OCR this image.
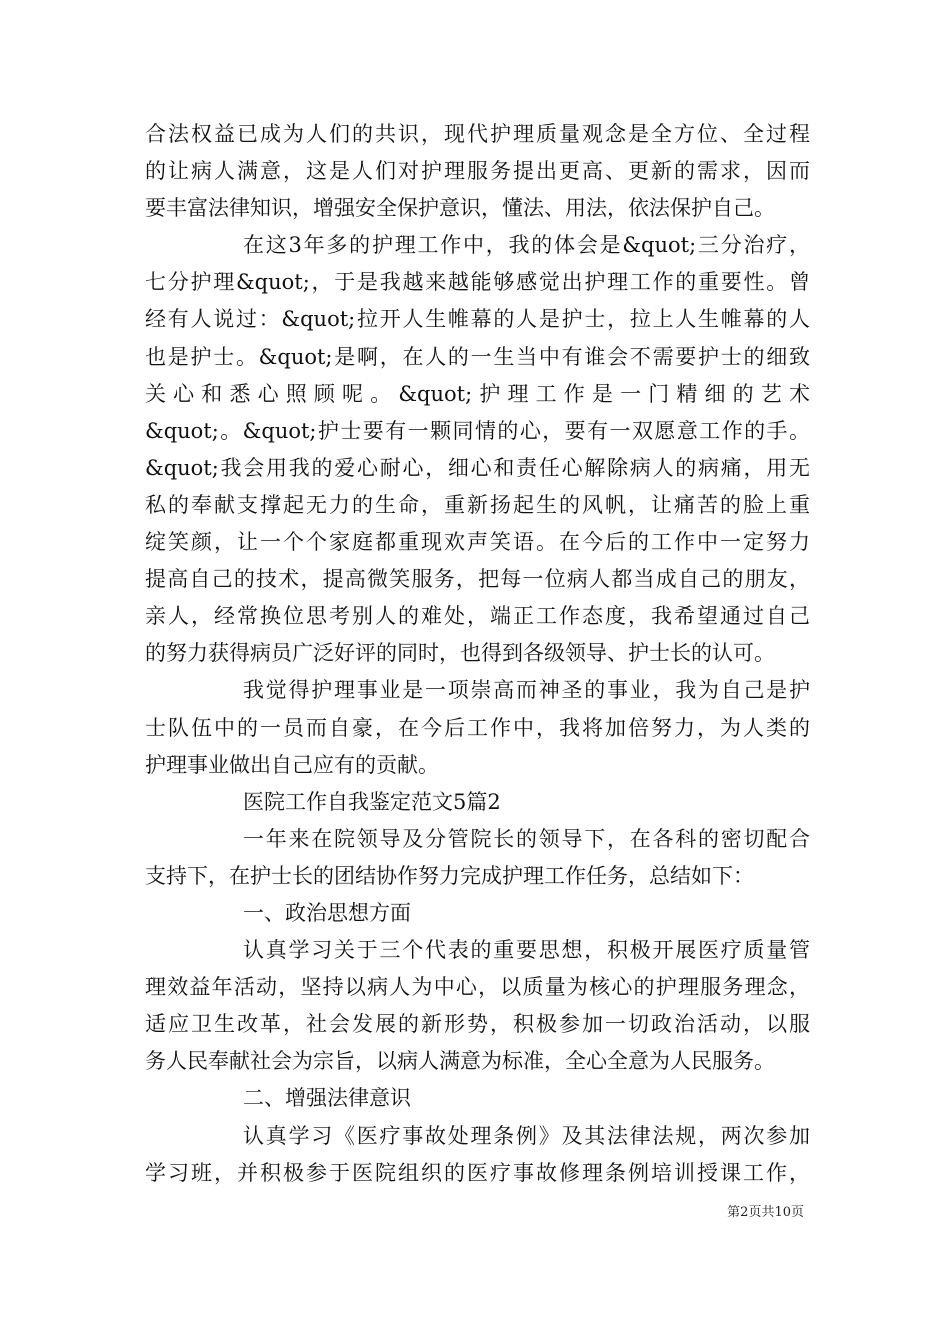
合法权益已成为人们的共识，现代护理质量观念是全方位、全过程
的让病人满意，这是人们对护理服务提出更高、更新的需求，因而
要丰富法律知识，增强安全保护意识，懂法、用法，依法保护自己。
在这3年多的护理工作中，我的体会是&quot;三分治疗，
七分护理&quot;，于是我越来越能够感觉出护理工作的重要性。曾
经有人说过：&quot;拉开人生帷幕的人是护士，拉上人生帷幕的人
也是护士。&quot;是啊，在人的一生当中有谁会不需要护士的细致
关心和悉心照顾呢。&quot;护理工作是一门精细的艺术
&quot;。&quot;护士要有一颗同情的心，要有一双愿意工作的手。
&quot;我会用我的爱心耐心，细心和责任心解除病人的病痛，用无
私的奉献支撑起无力的生命，重新扬起生的风帆，让痛苦的脸上重
绽笑颜，让一个个家庭都重现欢声笑语。在今后的工作中一定努力
提高自己的技术，提高微笑服务，把每一位病人都当成自己的朋友，
亲人，经常换位思考别人的难处，端正工作态度，我希望通过自己
的努力获得病员广泛好评的同时，也得到各级领导、护士长的认可。
我觉得护理事业是一项崇高而神圣的事业，我为自己是护
士队伍中的一员而自豪，在今后工作中，我将加倍努力，为人类的
护理事业做出自己应有的贡献。
医院工作自我鉴定范文5篇2
一年来在院领导及分管院长的领导下，在各科的密切配合
支持下，在护士长的团结协作努力完成护理工作任务，总结如下：
一、政治思想方面
认真学习关于三个代表的重要思想，积极开展医疗质量管
理效益年活动，坚持以病人为中心，以质量为核心的护理服务理念，
适应卫生改革，社会发展的新形势，积极参加一切政治活动，以服
务人民奉献社会为宗旨，以病人满意为标准，全心全意为人民服务。
二、增强法律意识
认真学习《医疗事故处理条例》及其法律法规，两次参加
学习班，并积极参于医院组织的医疗事故修理条例培训授课工作，
第2页共10页
